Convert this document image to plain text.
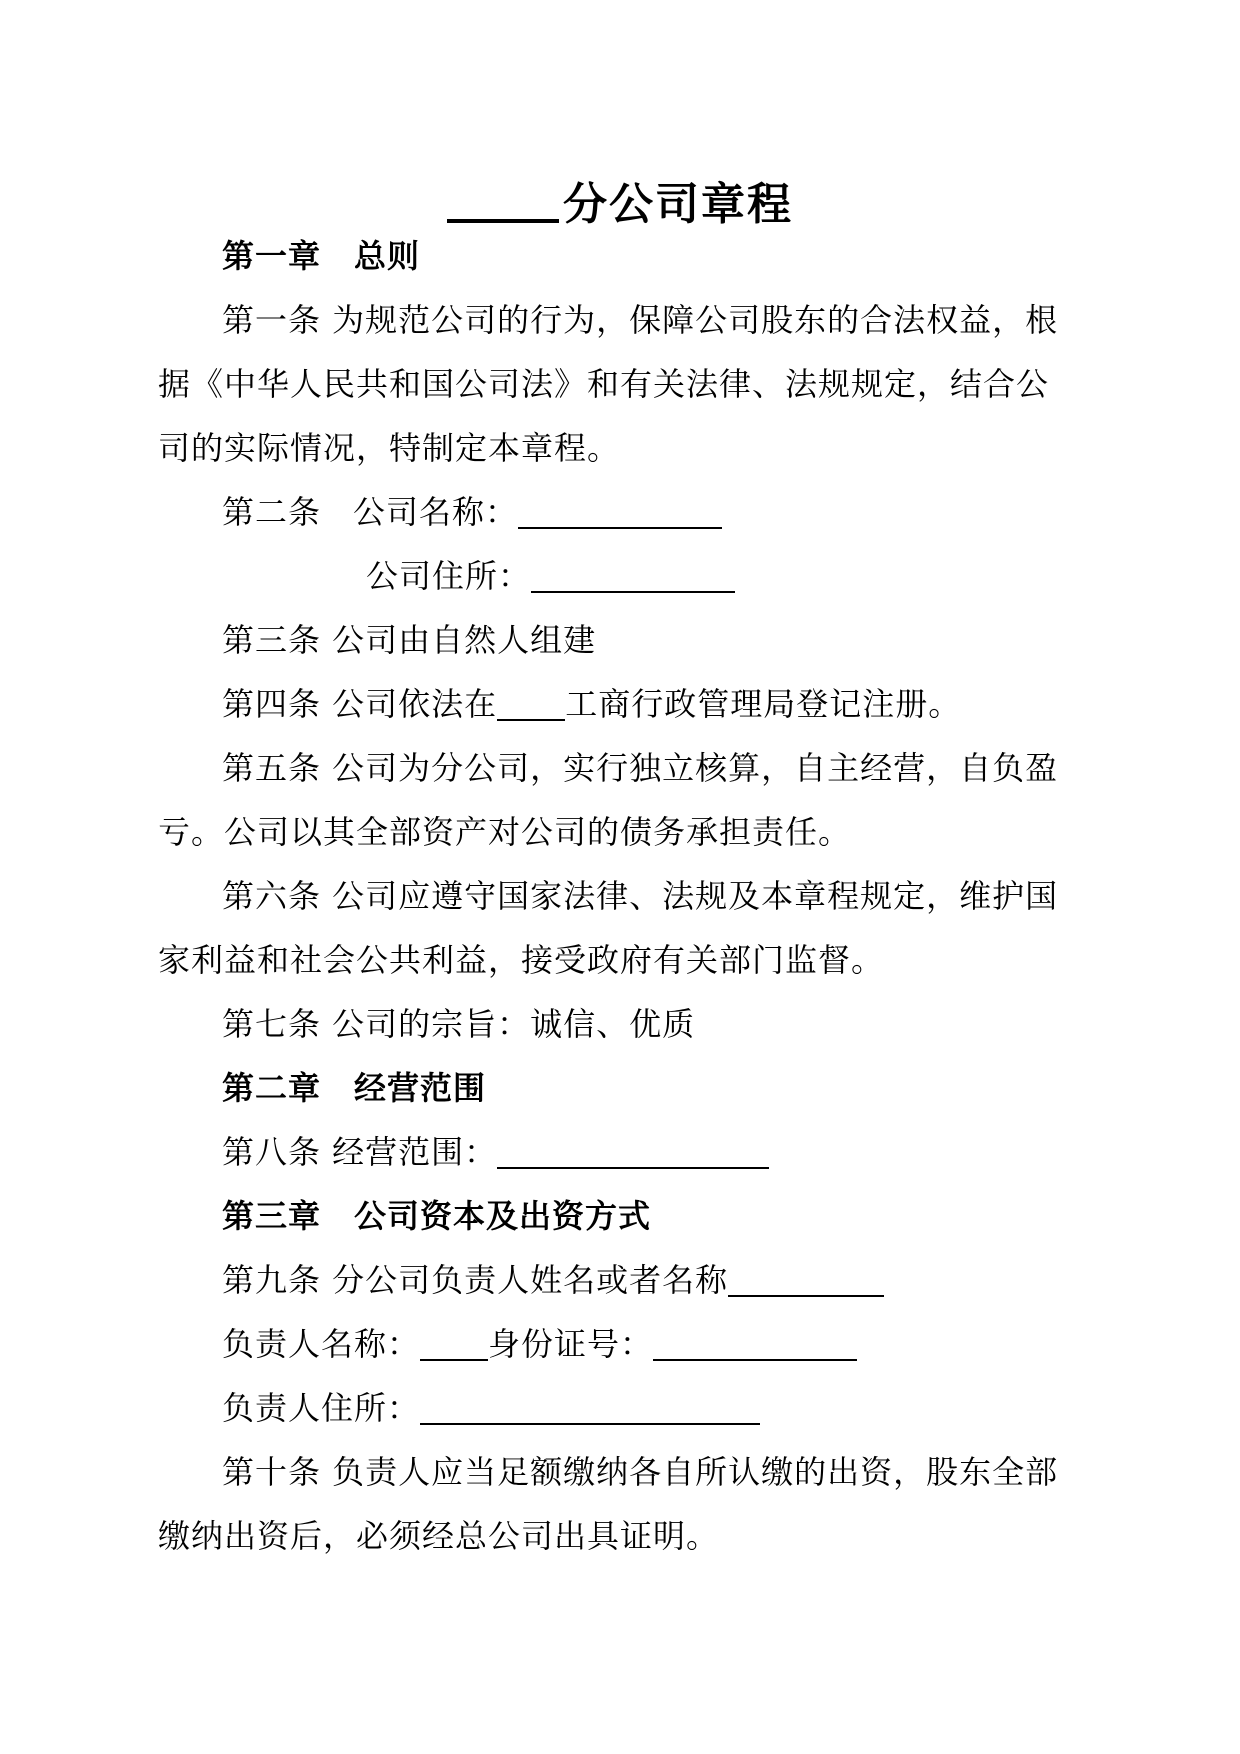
分公司章程
第一章　总则
第一条 为规范公司的行为，保障公司股东的合法权益，根
据《中华人民共和国公司法》和有关法律、法规规定，结合公
司的实际情况，特制定本章程。
第二条 公司名称：
公司住所：
第三条 公司由自然人组建
第四条 公司依法在 工商行政管理局登记注册。
第五条 公司为分公司，实行独立核算，自主经营，自负盈
亏。公司以其全部资产对公司的债务承担责任。
第六条 公司应遵守国家法律、法规及本章程规定，维护国
家利益和社会公共利益，接受政府有关部门监督。
第七条 公司的宗旨：诚信、优质
第二章　经营范围
第八条 经营范围：
第三章　公司资本及出资方式
第九条 分公司负责人姓名或者名称
负责人名称： 身份证号：
负责人住所：
第十条 负责人应当足额缴纳各自所认缴的出资，股东全部
缴纳出资后，必须经总公司出具证明。
